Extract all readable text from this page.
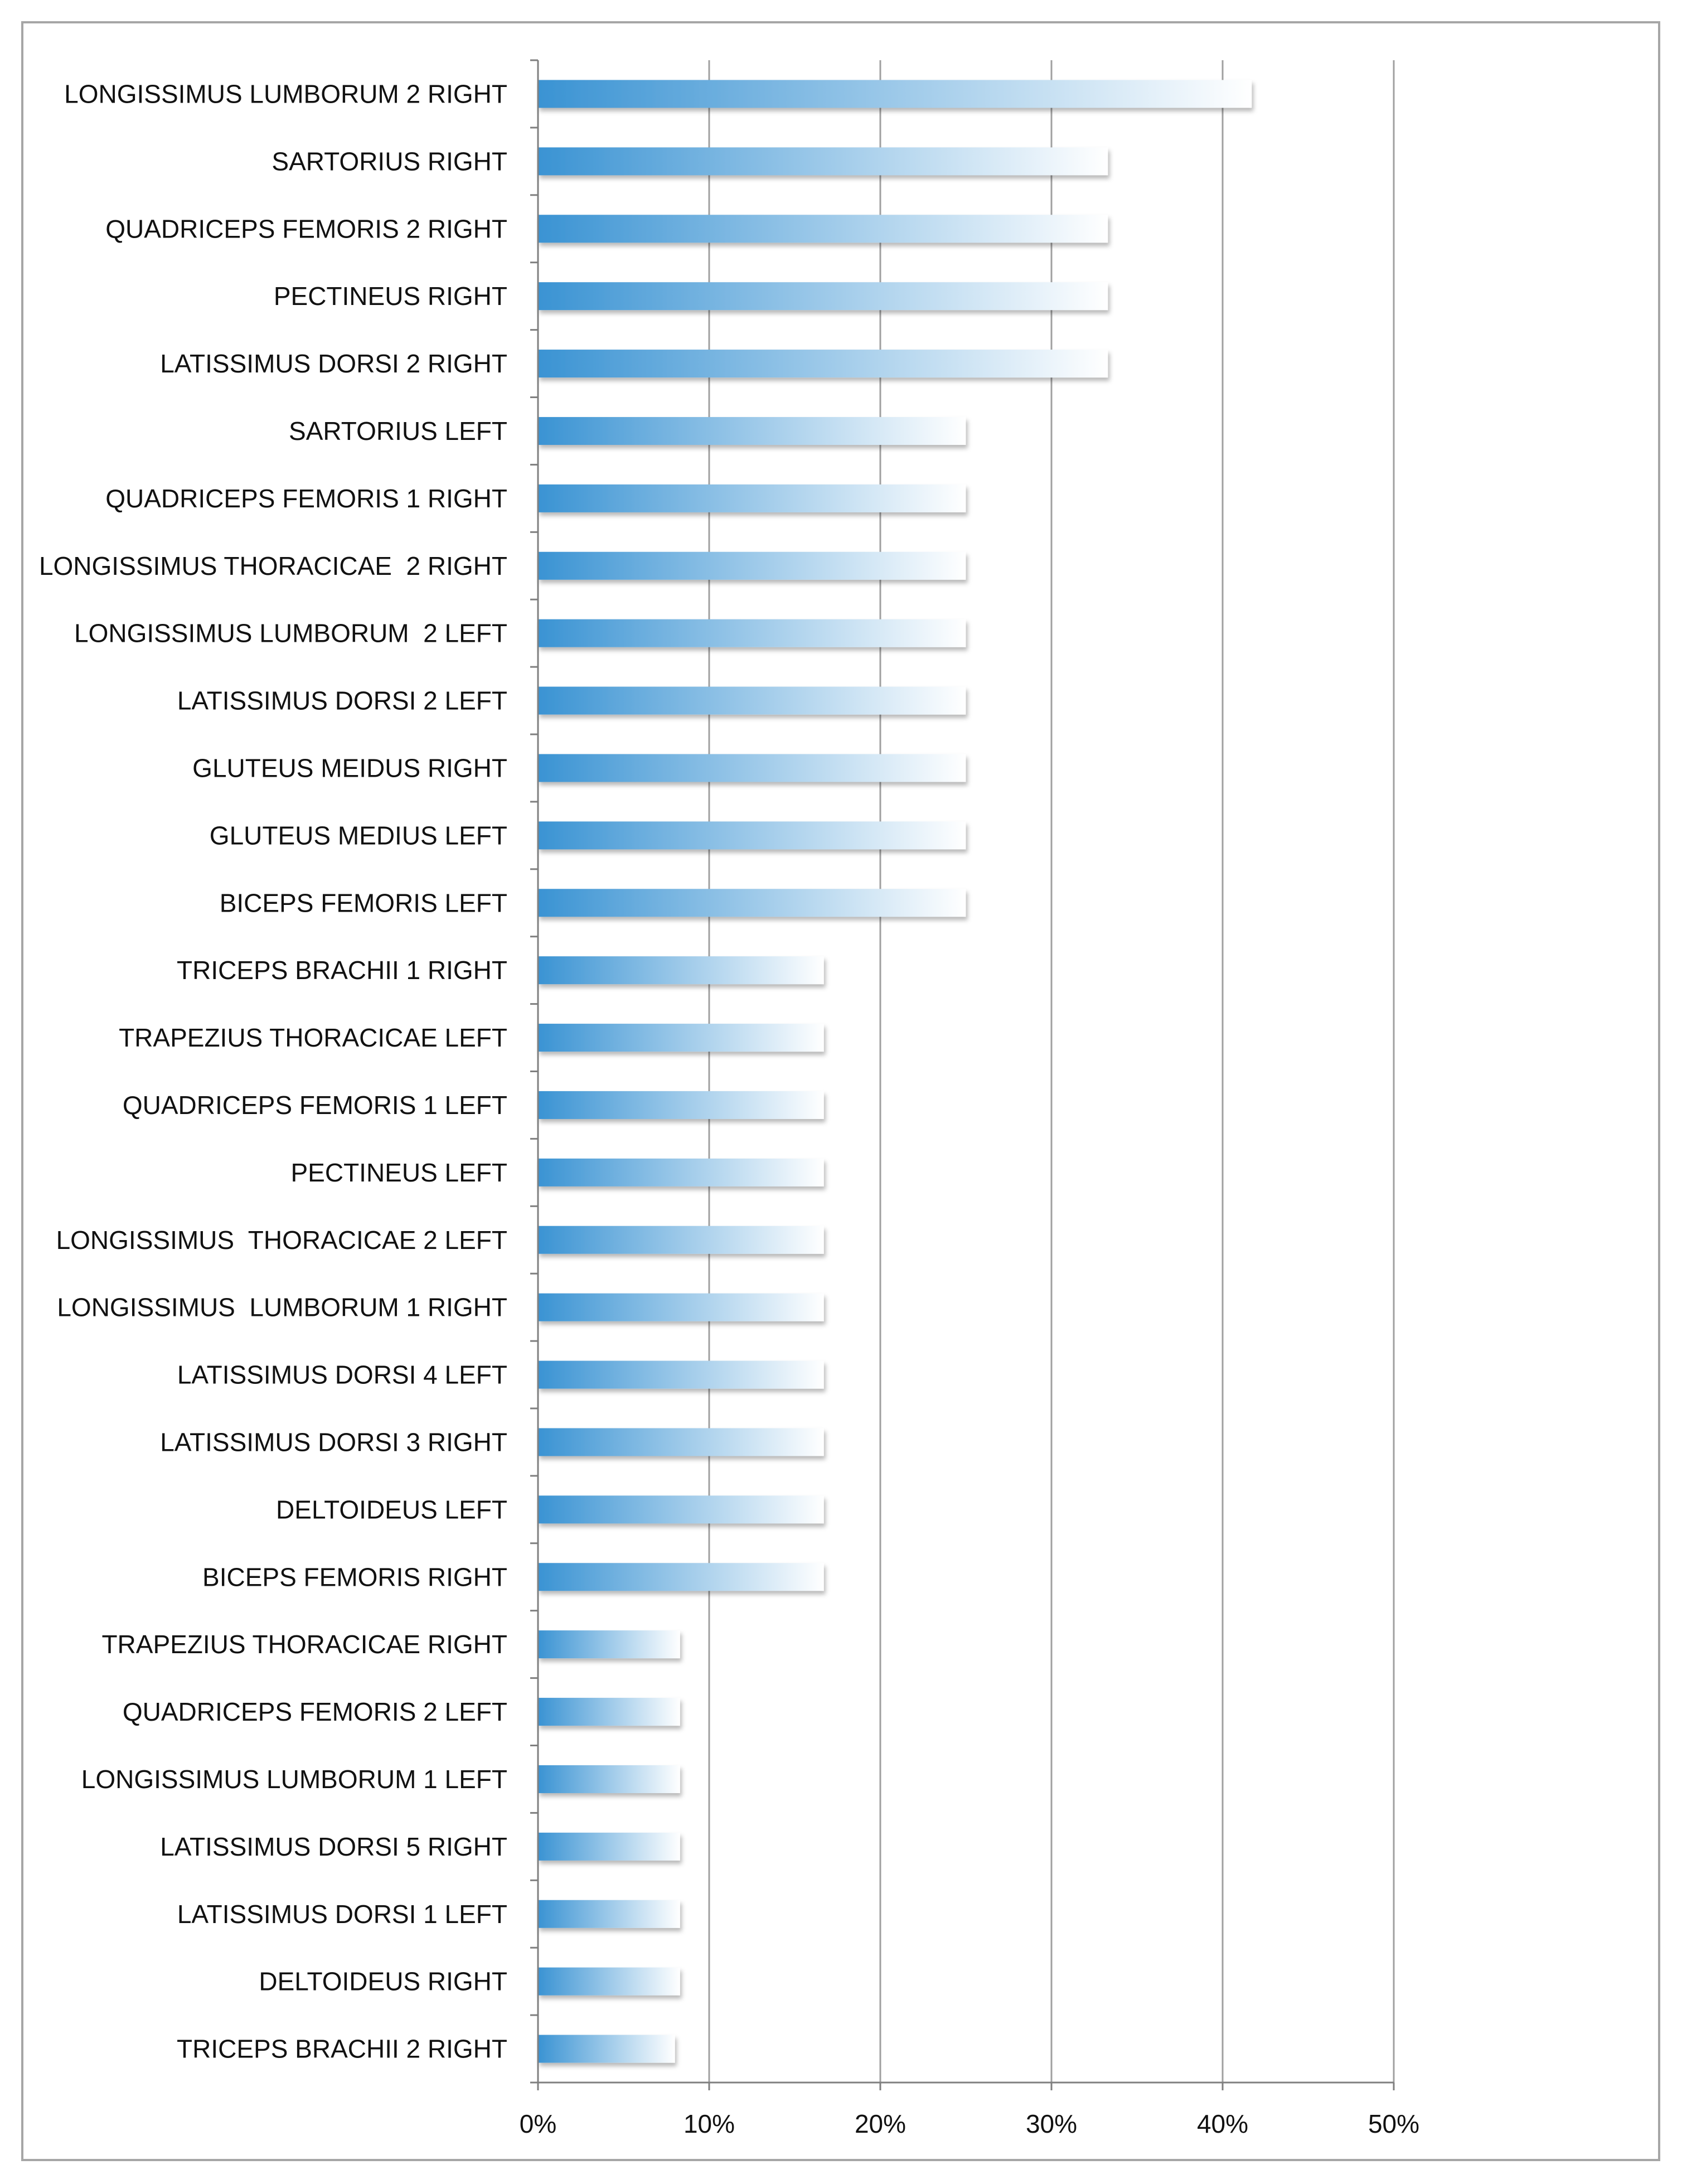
LONGISSIMUS LUMBORUM 2 RIGHT
SARTORIUS RIGHT
QUADRICEPS FEMORIS 2 RIGHT
PECTINEUS RIGHT
LATISSIMUS DORSI 2 RIGHT
SARTORIUS LEFT
QUADRICEPS FEMORIS 1 RIGHT
LONGISSIMUS THORACICAE  2 RIGHT
LONGISSIMUS LUMBORUM  2 LEFT
LATISSIMUS DORSI 2 LEFT
GLUTEUS MEIDUS RIGHT
GLUTEUS MEDIUS LEFT
BICEPS FEMORIS LEFT
TRICEPS BRACHII 1 RIGHT
TRAPEZIUS THORACICAE LEFT
QUADRICEPS FEMORIS 1 LEFT
PECTINEUS LEFT
LONGISSIMUS  THORACICAE 2 LEFT
LONGISSIMUS  LUMBORUM 1 RIGHT
LATISSIMUS DORSI 4 LEFT
LATISSIMUS DORSI 3 RIGHT
DELTOIDEUS LEFT
BICEPS FEMORIS RIGHT
TRAPEZIUS THORACICAE RIGHT
QUADRICEPS FEMORIS 2 LEFT
LONGISSIMUS LUMBORUM 1 LEFT
LATISSIMUS DORSI 5 RIGHT
LATISSIMUS DORSI 1 LEFT
DELTOIDEUS RIGHT
TRICEPS BRACHII 2 RIGHT
0%	10%	20%	30%	40%	50%
